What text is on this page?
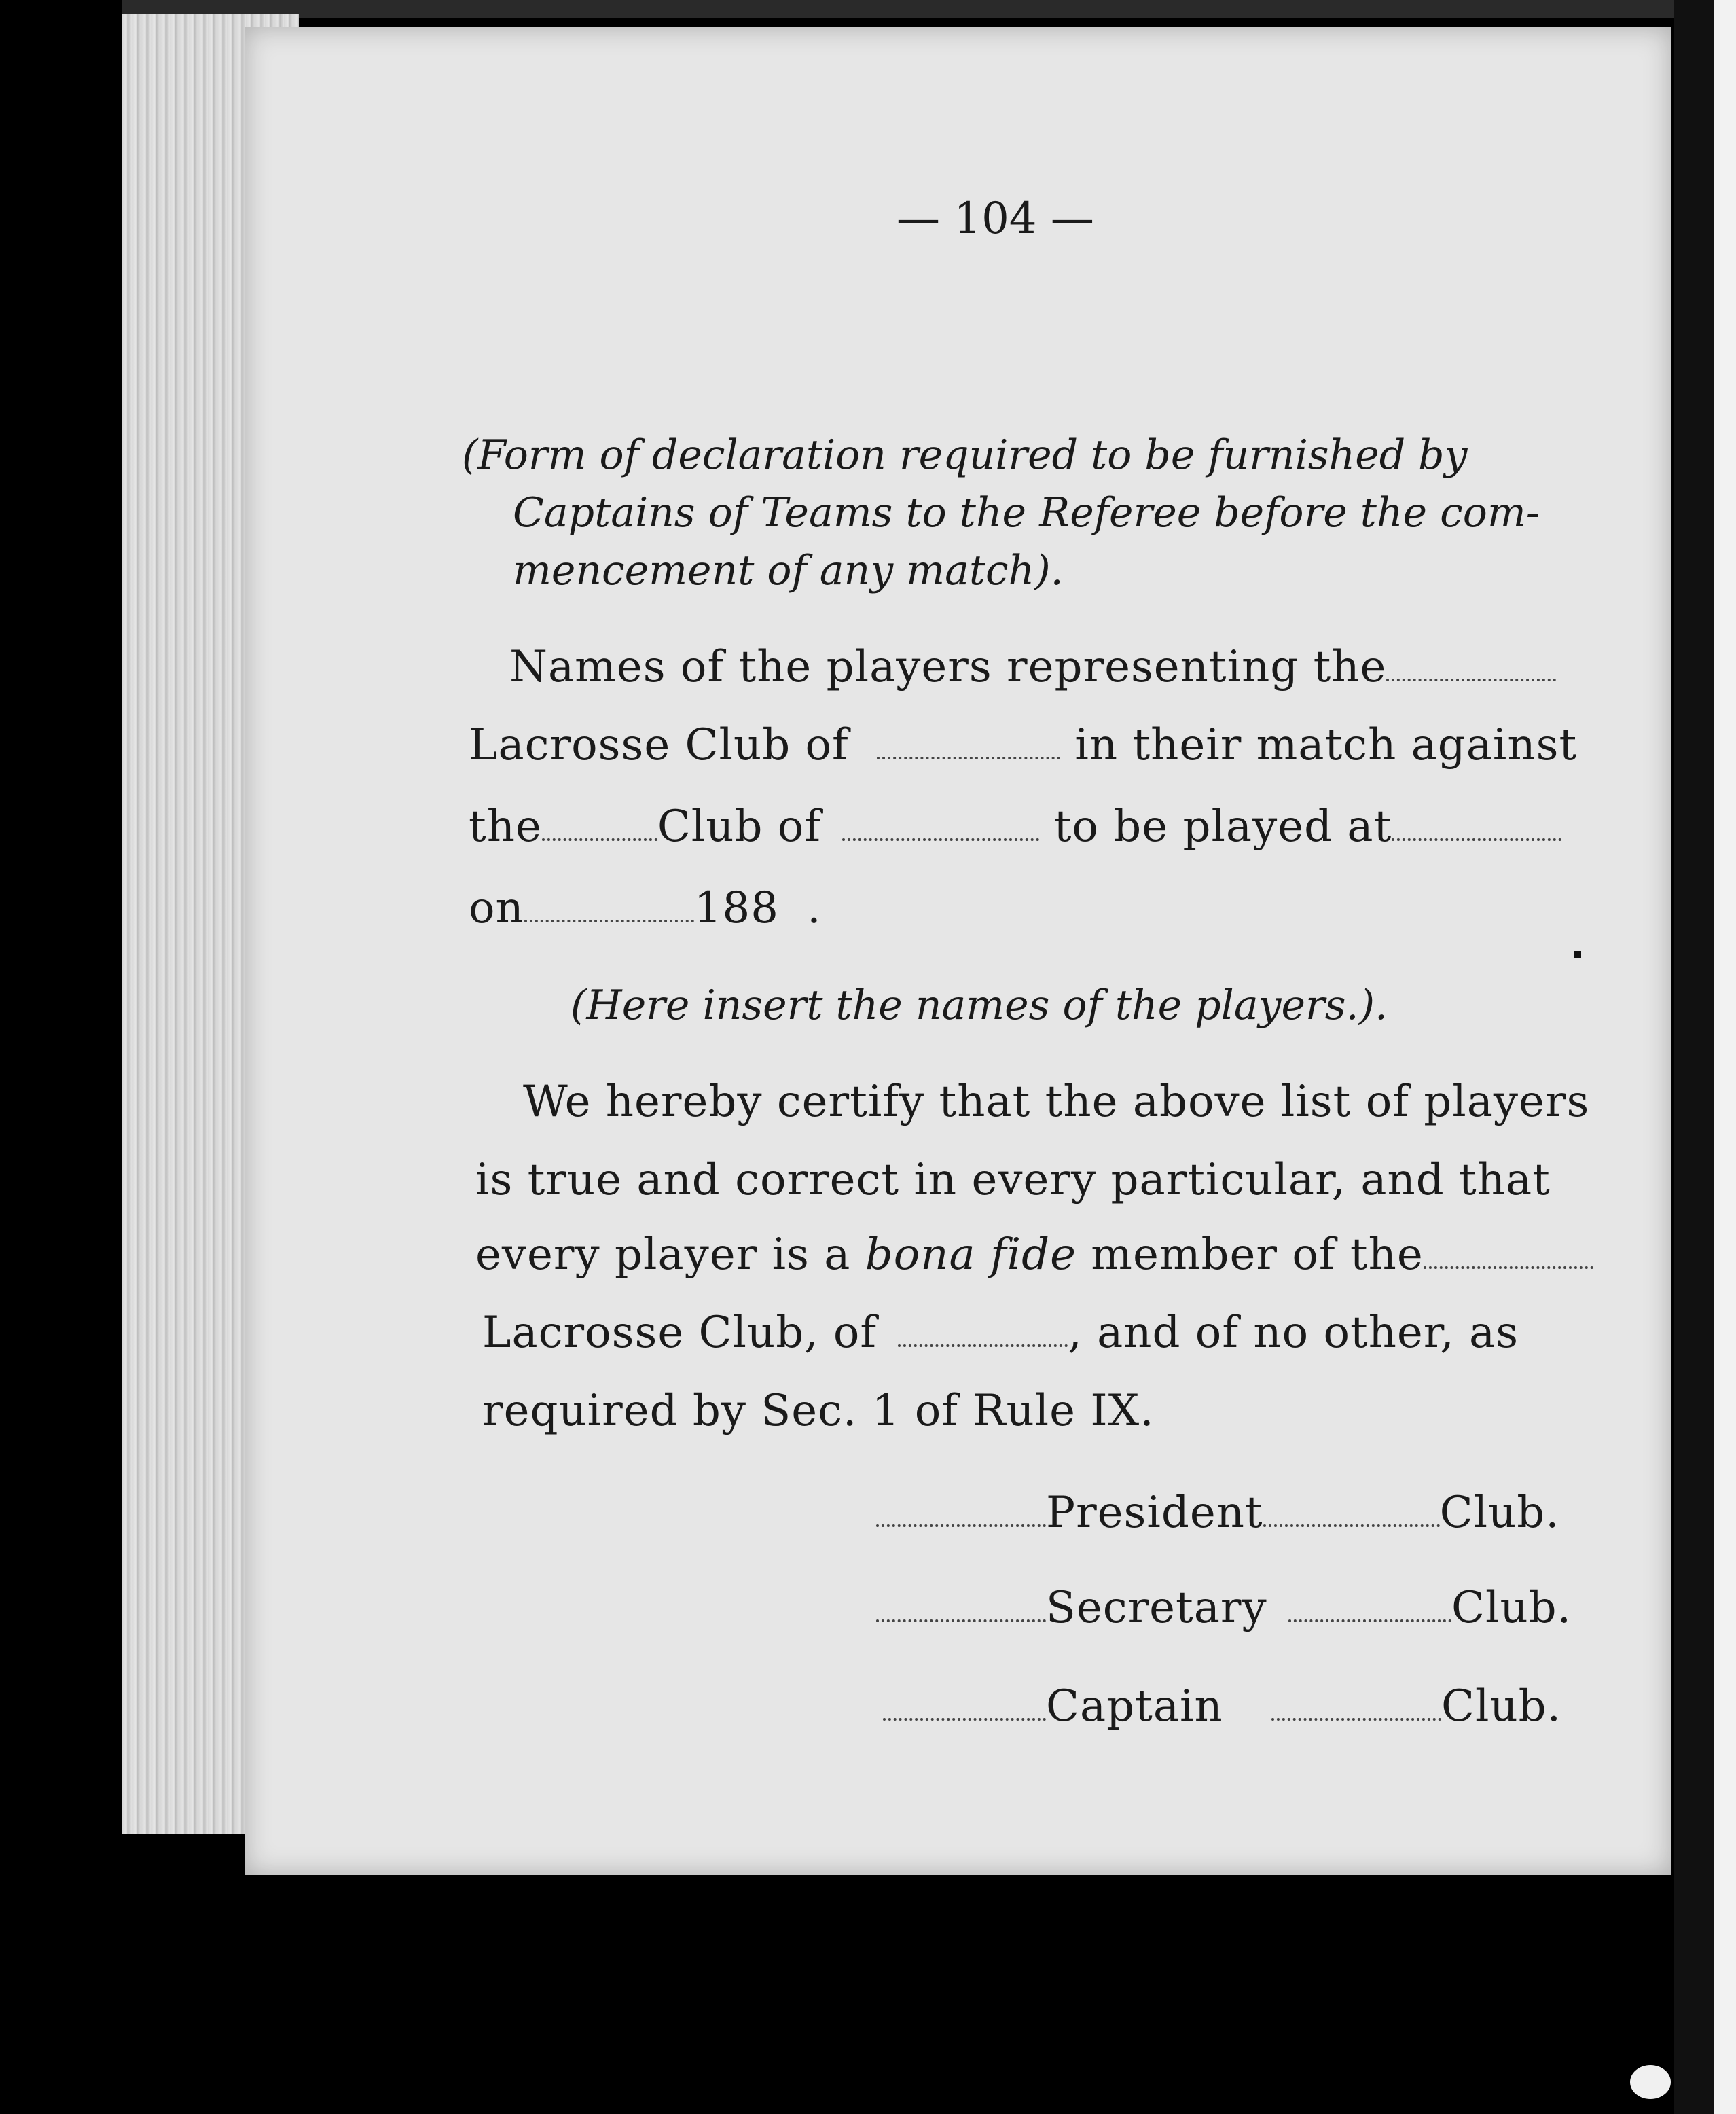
— 104 —
(Form of declaration required to be furnished by
Captains of Teams to the Referee before the com-
mencement of any match).
Names of the players representing the
Lacrosse Club of	in their match against
the	Club of	to be played at
on	188 .
(Here insert the names of the players.).
We hereby certify that the above list of players
is true and correct in every particular, and that
every player is a bona fide member of the
Lacrosse Club, of	, and of no other, as
required by Sec. 1 of Rule IX.
President	Club.
Secretary	Club.
Captain	Club.
